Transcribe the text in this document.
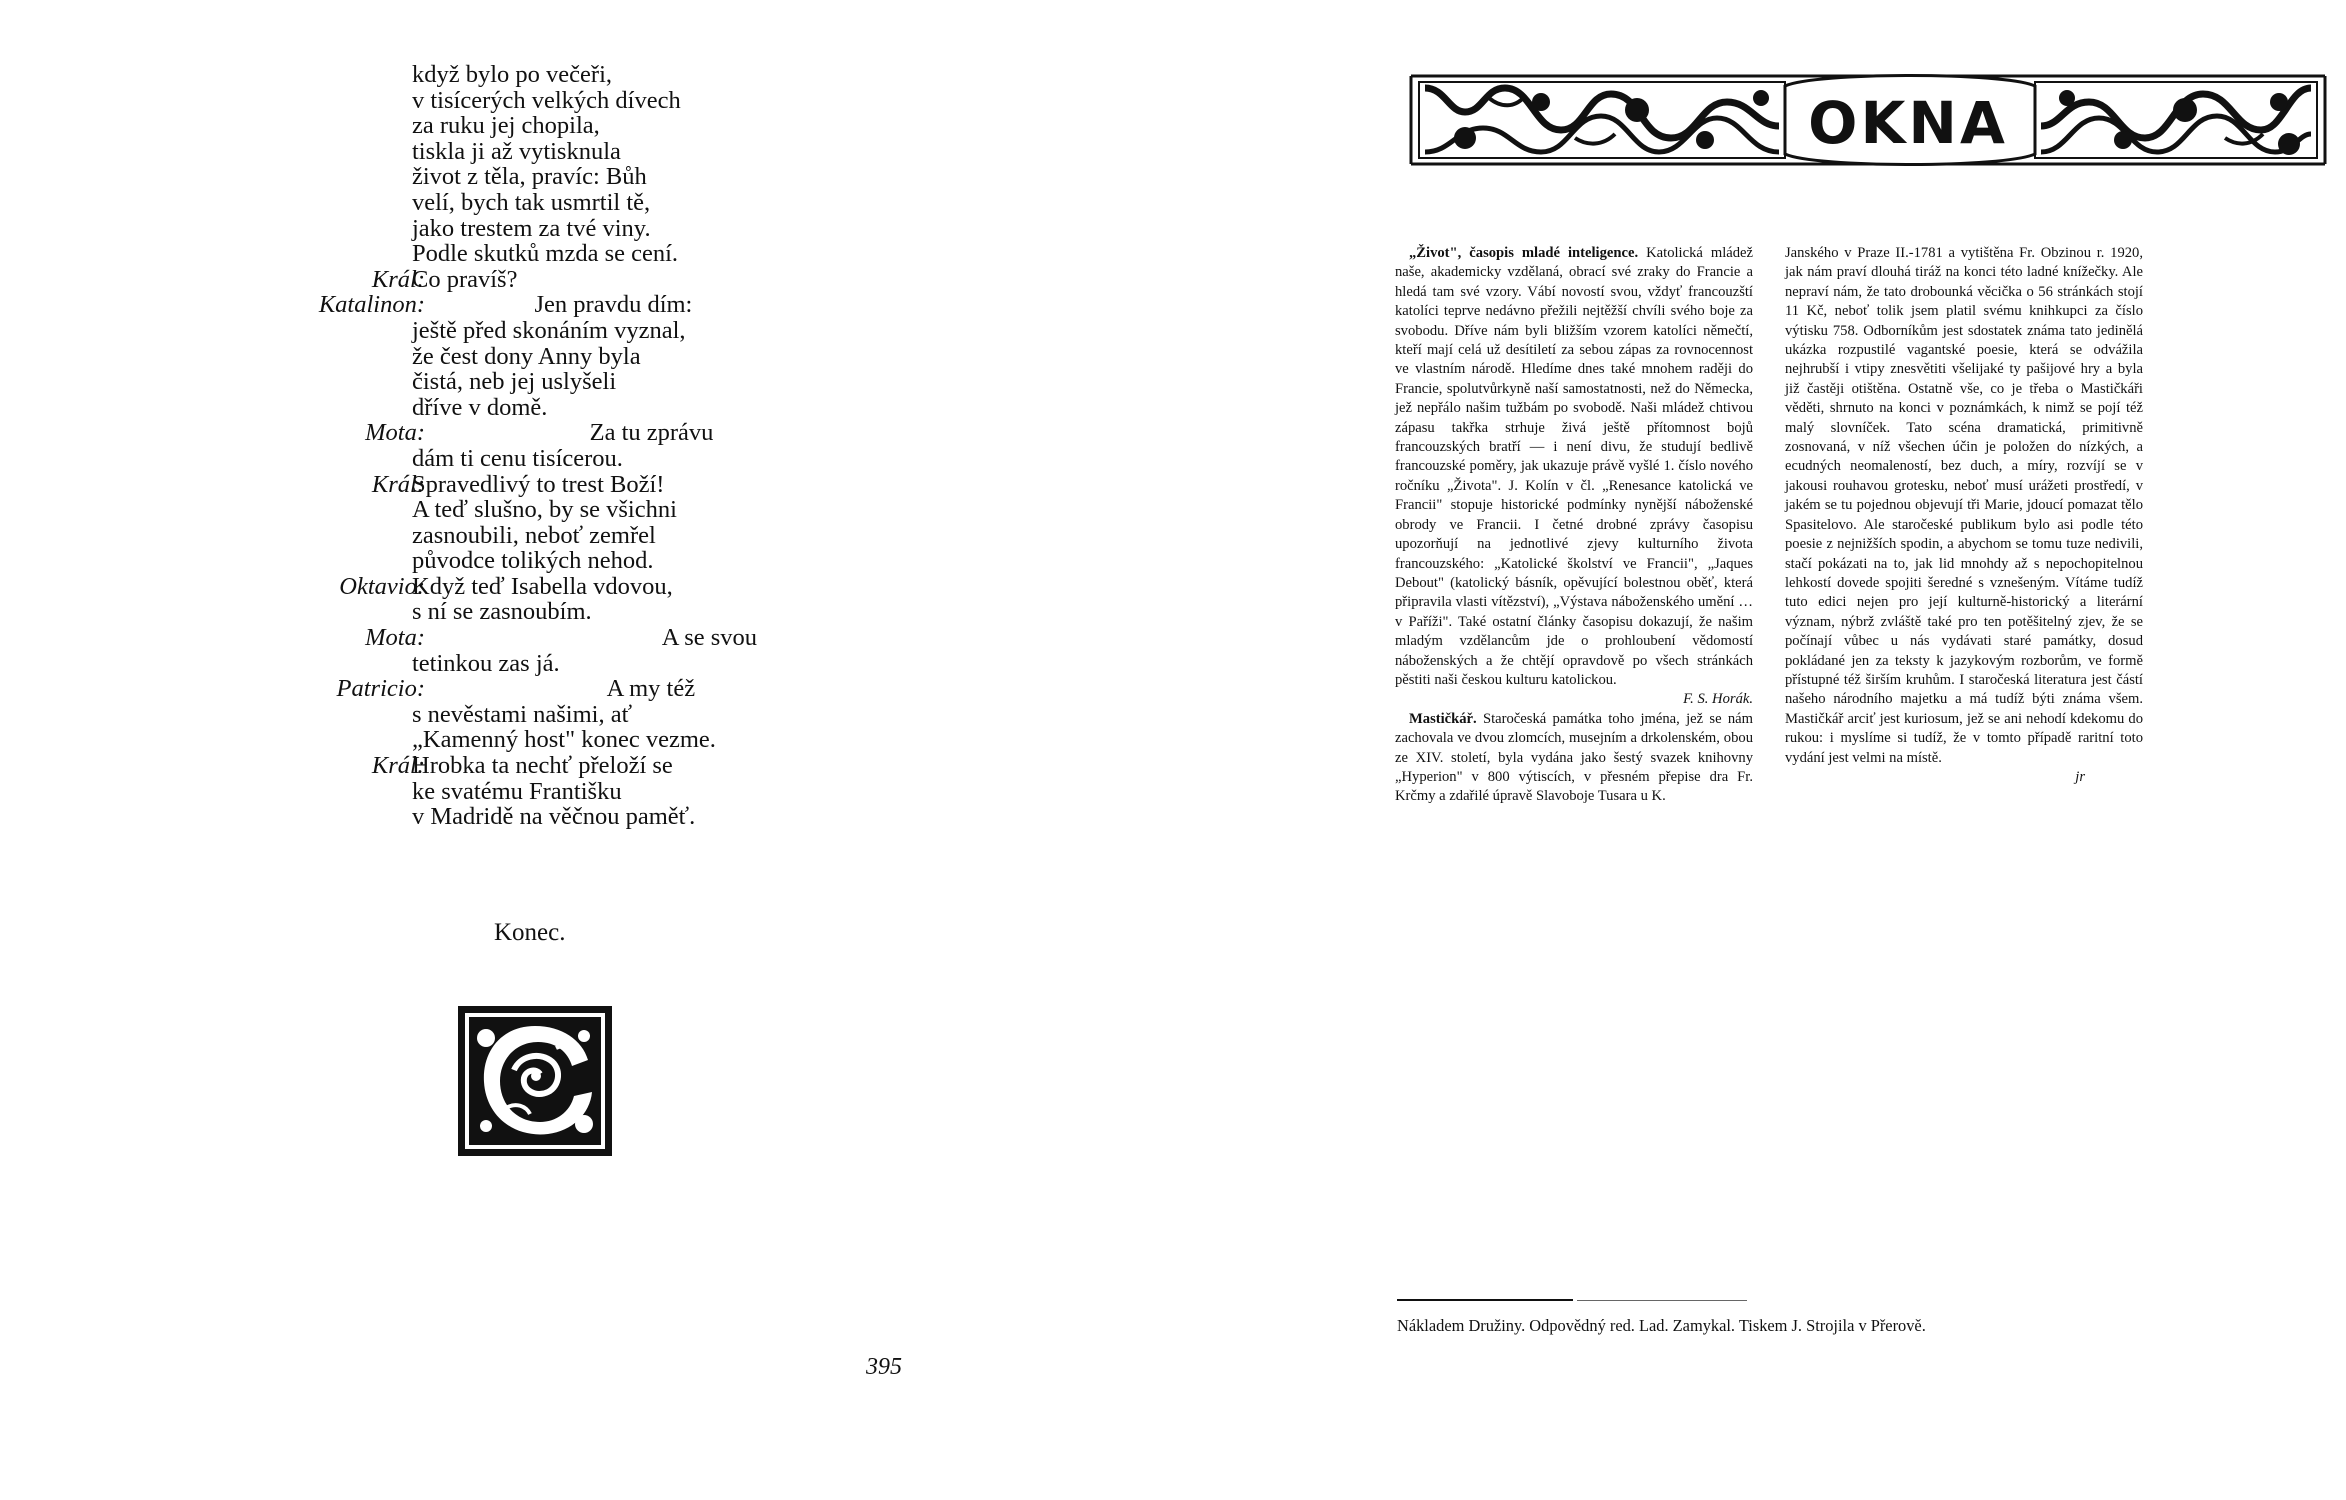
když bylo po večeři,
v tisícerých velkých dívech
za ruku jej chopila,
tiskla ji až vytisknula
život z těla, pravíc: Bůh
velí, bych tak usmrtil tě,
jako trestem za tvé viny.
Podle skutků mzda se cení.
Král:
Co pravíš?
Katalinon:
Jen pravdu dím:
ještě před skonáním vyznal,
že čest dony Anny byla
čistá, neb jej uslyšeli
dříve v domě.
Mota:
Za tu zprávu
dám ti cenu tisícerou.
Král:
Spravedlivý to trest Boží!
A teď slušno, by se všichni
zasnoubili, neboť zemřel
původce tolikých nehod.
Oktavio:
Když teď Isabella vdovou,
s ní se zasnoubím.
Mota:
A se svou
tetinkou zas já.
Patricio:
A my též
s nevěstami našimi, ať
„Kamenný host" konec vezme.
Král:
Hrobka ta nechť přeloží se
ke svatému Františku
v Madridě na věčnou paměť.
Konec.
395
OKNA

„Život", časopis mladé inteligence. Katolická mládež naše, akademicky vzdělaná, obrací své zraky do Francie a hledá tam své vzory. Vábí novostí svou, vždyť francouzští katolíci teprve nedávno přežili nejtěžší chvíli svého boje za svobodu. Dříve nám byli bližším vzorem katolíci němečtí, kteří mají celá už desítiletí za sebou zápas za rovnocennost ve vlastním národě. Hledíme dnes také mnohem raději do Francie, spolutvůrkyně naší samostatnosti, než do Německa, jež nepřálo našim tužbám po svobodě. Naši mládež chtivou zápasu takřka strhuje živá ještě přítomnost bojů francouzských bratří — i není divu, že studují bedlivě francouzské poměry, jak ukazuje právě vyšlé 1. číslo nového ročníku „Života". J. Kolín v čl. „Renesance katolická ve Francii" stopuje historické podmínky nynější náboženské obrody ve Francii. I četné drobné zprávy časopisu upozorňují na jednotlivé zjevy kulturního života francouzského: „Katolické školství ve Francii", „Jaques Debout" (katolický básník, opěvující bolestnou oběť, která připravila vlasti vítězství), „Výstava náboženského umění … v Paříži". Také ostatní články časopisu dokazují, že našim mladým vzdělancům jde o prohloubení vědomostí náboženských a že chtějí opravdově po všech stránkách pěstiti naši českou kulturu katolickou.

F. S. Horák.

Mastičkář. Staročeská památka toho jména, jež se nám zachovala ve dvou zlomcích, musejním a drkolenském, obou ze XIV. století, byla vydána jako šestý svazek knihovny „Hyperion" v 800 výtiscích, v přesném přepise dra Fr. Krčmy a zdařilé úpravě Slavoboje Tusara u K.

Janského v Praze II.-1781 a vytištěna Fr. Obzinou r. 1920, jak nám praví dlouhá tiráž na konci této ladné knížečky. Ale nepraví nám, že tato drobounká věcička o 56 stránkách stojí 11 Kč, neboť tolik jsem platil svému knihkupci za číslo výtisku 758. Odborníkům jest sdostatek známa tato jedinělá ukázka rozpustilé vagantské poesie, která se odvážila nejhrubší i vtipy znesvětiti všelijaké ty pašijové hry a byla již častěji otištěna. Ostatně vše, co je třeba o Mastičkáři věděti, shrnuto na konci v poznámkách, k nimž se pojí též malý slovníček. Tato scéna dramatická, primitivně zosnovaná, v níž všechen účin je položen do nízkých, a ecudných neomaleností, bez duch, a míry, rozvíjí se v jakousi rouhavou grotesku, neboť musí urážeti prostředí, v jakém se tu pojednou objevují tři Marie, jdoucí pomazat tělo Spasitelovo. Ale staročeské publikum bylo asi podle této poesie z nejnižších spodin, a abychom se tomu tuze nedivili, stačí pokázati na to, jak lid mnohdy až s nepochopitelnou lehkostí dovede spojiti šeredné s vznešeným. Vítáme tudíž tuto edici nejen pro její kulturně-historický a literární význam, nýbrž zvláště také pro ten potěšitelný zjev, že se počínají vůbec u nás vydávati staré památky, dosud pokládané jen za teksty k jazykovým rozborům, ve formě přístupné též širším kruhům. I staročeská literatura jest částí našeho národního majetku a má tudíž býti známa všem. Mastičkář arciť jest kuriosum, jež se ani nehodí kdekomu do rukou: i myslíme si tudíž, že v tomto případě raritní toto vydání jest velmi na místě.

jr

Nákladem Družiny. Odpovědný red. Lad. Zamykal. Tiskem J. Strojila v Přerově.
